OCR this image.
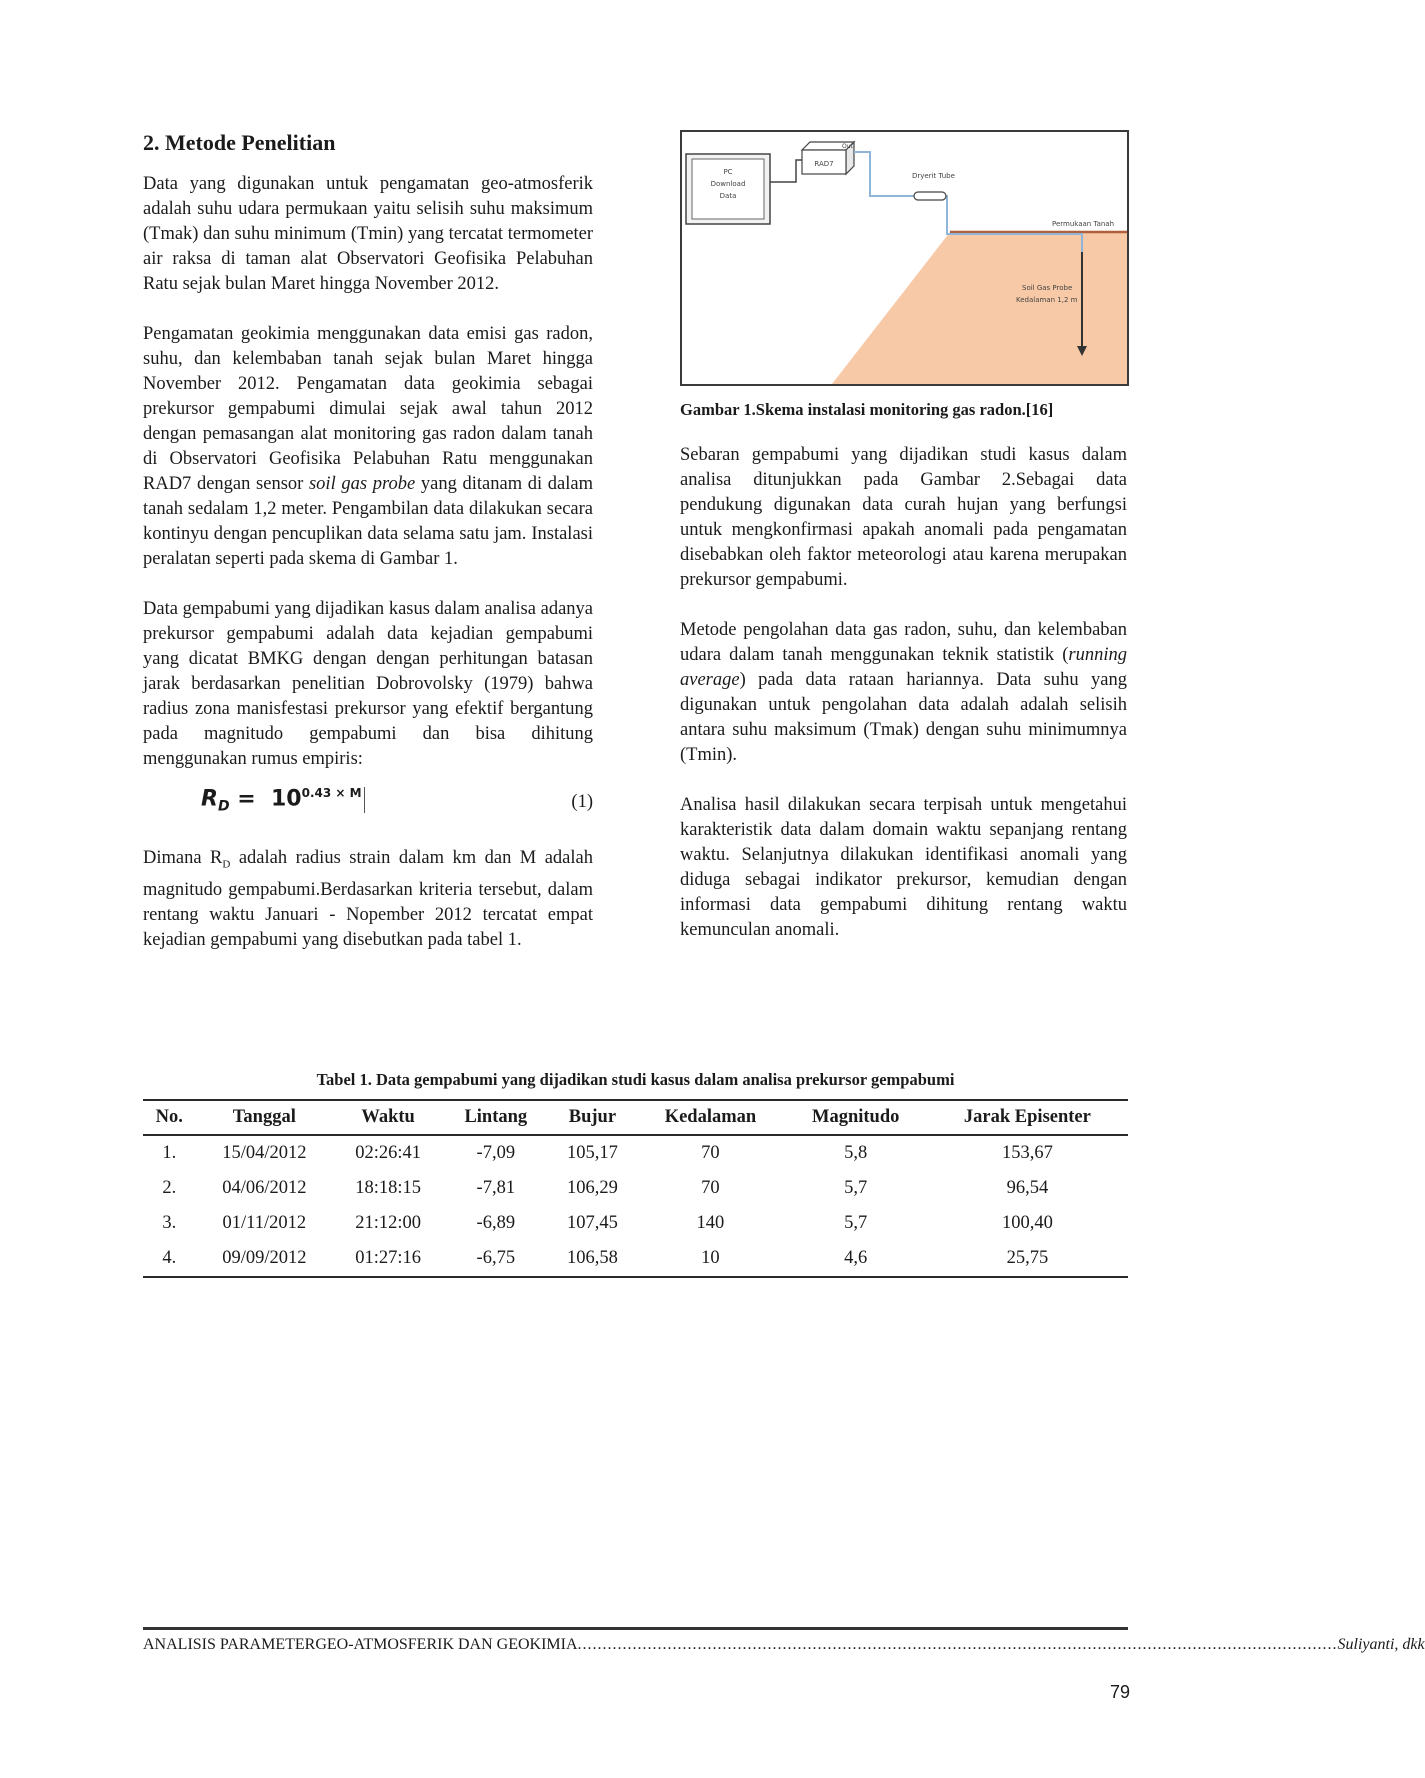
2. Metode Penelitian

Data yang digunakan untuk pengamatan geo-atmosferik adalah suhu udara permukaan yaitu selisih suhu maksimum (Tmak) dan suhu minimum (Tmin) yang tercatat termometer air raksa di taman alat Observatori Geofisika Pelabuhan Ratu sejak bulan Maret hingga November 2012.

Pengamatan geokimia menggunakan data emisi gas radon, suhu, dan kelembaban tanah sejak bulan Maret hingga November 2012. Pengamatan data geokimia sebagai prekursor gempabumi dimulai sejak awal tahun 2012 dengan pemasangan alat monitoring gas radon dalam tanah di Observatori Geofisika Pelabuhan Ratu menggunakan RAD7 dengan sensor soil gas probe yang ditanam di dalam tanah sedalam 1,2 meter. Pengambilan data dilakukan secara kontinyu dengan pencuplikan data selama satu jam. Instalasi peralatan seperti pada skema di Gambar 1.

Data gempabumi yang dijadikan kasus dalam analisa adanya prekursor gempabumi adalah data kejadian gempabumi yang dicatat BMKG dengan dengan perhitungan batasan jarak berdasarkan penelitian Dobrovolsky (1979) bahwa radius zona manisfestasi prekursor yang efektif bergantung pada magnitudo gempabumi dan bisa dihitung menggunakan rumus empiris:

$R_D = 10^{0.43 \times M}$	(1)

Dimana $R_D$ adalah radius strain dalam km dan M adalah magnitudo gempabumi.Berdasarkan kriteria tersebut, dalam rentang waktu Januari - Nopember 2012 tercatat empat kejadian gempabumi yang disebutkan pada tabel 1.

PC
Download
Data
RAD7
Out
Dryerit Tube
Permukaan Tanah
Soil Gas Probe
Kedalaman 1,2 m
Gambar 1.Skema instalasi monitoring gas radon.[16]

Sebaran gempabumi yang dijadikan studi kasus dalam analisa ditunjukkan pada Gambar 2.Sebagai data pendukung digunakan data curah hujan yang berfungsi untuk mengkonfirmasi apakah anomali pada pengamatan disebabkan oleh faktor meteorologi atau karena merupakan prekursor gempabumi.

Metode pengolahan data gas radon, suhu, dan kelembaban udara dalam tanah menggunakan teknik statistik (running average) pada data rataan hariannya. Data suhu yang digunakan untuk pengolahan data adalah adalah selisih antara suhu maksimum (Tmak) dengan suhu minimumnya (Tmin).

Analisa hasil dilakukan secara terpisah untuk mengetahui karakteristik data dalam domain waktu sepanjang rentang waktu. Selanjutnya dilakukan identifikasi anomali yang diduga sebagai indikator prekursor, kemudian dengan informasi data gempabumi dihitung rentang waktu kemunculan anomali.

Tabel 1. Data gempabumi yang dijadikan studi kasus dalam analisa prekursor gempabumi
No.	Tanggal	Waktu	Lintang	Bujur	Kedalaman	Magnitudo	Jarak Episenter
1.	15/04/2012	02:26:41	-7,09	105,17	70	5,8	153,67
2.	04/06/2012	18:18:15	-7,81	106,29	70	5,7	96,54
3.	01/11/2012	21:12:00	-6,89	107,45	140	5,7	100,40
4.	09/09/2012	01:27:16	-6,75	106,58	10	4,6	25,75
ANALISIS PARAMETERGEO-ATMOSFERIK DAN GEOKIMIA ........................................................................................................................................................ Suliyanti, dkk
79
